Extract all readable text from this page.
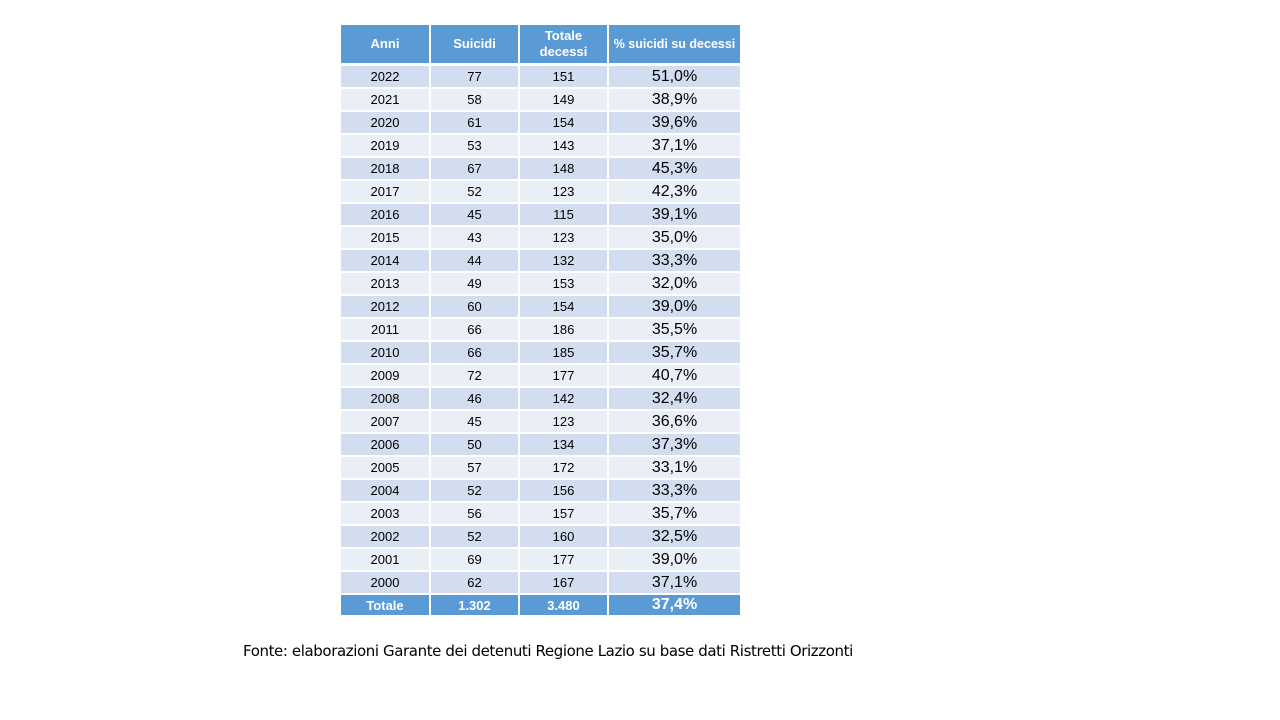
Anni	Suicidi	Totale decessi	% suicidi su decessi
2022	77	151	51,0%
2021	58	149	38,9%
2020	61	154	39,6%
2019	53	143	37,1%
2018	67	148	45,3%
2017	52	123	42,3%
2016	45	115	39,1%
2015	43	123	35,0%
2014	44	132	33,3%
2013	49	153	32,0%
2012	60	154	39,0%
2011	66	186	35,5%
2010	66	185	35,7%
2009	72	177	40,7%
2008	46	142	32,4%
2007	45	123	36,6%
2006	50	134	37,3%
2005	57	172	33,1%
2004	52	156	33,3%
2003	56	157	35,7%
2002	52	160	32,5%
2001	69	177	39,0%
2000	62	167	37,1%
Totale	1.302	3.480	37,4%
Fonte: elaborazioni Garante dei detenuti Regione Lazio su base dati Ristretti Orizzonti
